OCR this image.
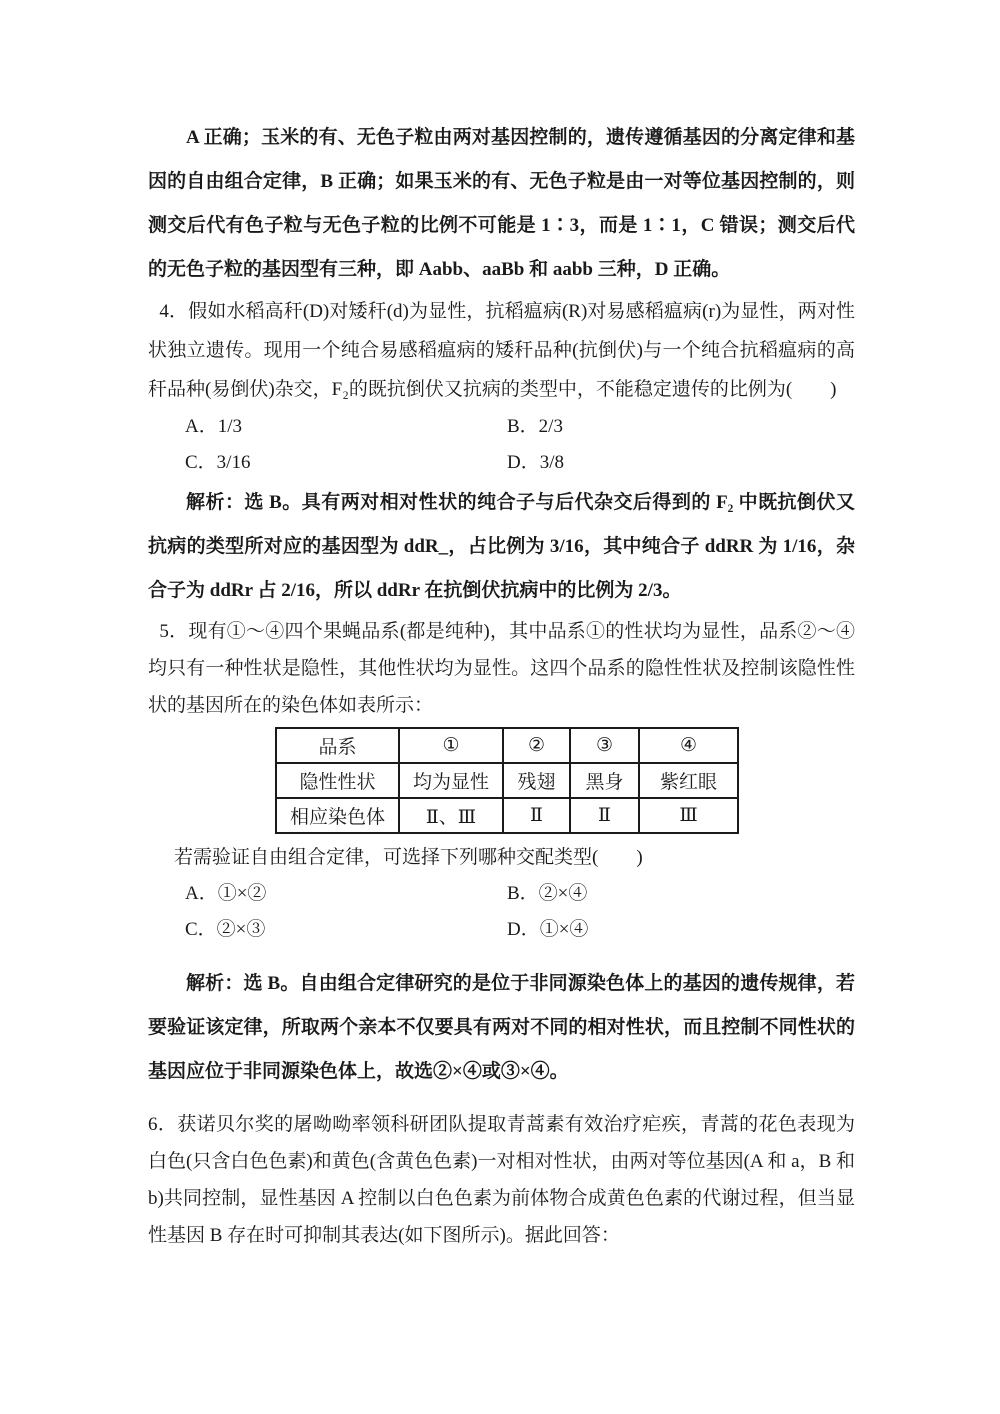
A 正确；玉米的有、无色子粒由两对基因控制的，遗传遵循基因的分离定律和基因的自由组合定律，B 正确；如果玉米的有、无色子粒是由一对等位基因控制的，则测交后代有色子粒与无色子粒的比例不可能是 1∶3，而是 1∶1，C 错误；测交后代的无色子粒的基因型有三种，即 Aabb、aaBb 和 aabb 三种，D 正确。

4．假如水稻高秆(D)对矮秆(d)为显性，抗稻瘟病(R)对易感稻瘟病(r)为显性，两对性状独立遗传。现用一个纯合易感稻瘟病的矮秆品种(抗倒伏)与一个纯合抗稻瘟病的高秆品种(易倒伏)杂交，F₂的既抗倒伏又抗病的类型中，不能稳定遗传的比例为(　　)

A．1/3	B．2/3
C．3/16	D．3/8

解析：选 B。具有两对相对性状的纯合子与后代杂交后得到的 F₂ 中既抗倒伏又抗病的类型所对应的基因型为 ddR_，占比例为 3/16，其中纯合子 ddRR 为 1/16，杂合子为 ddRr 占 2/16，所以 ddRr 在抗倒伏抗病中的比例为 2/3。

5．现有①～④四个果蝇品系(都是纯种)，其中品系①的性状均为显性，品系②～④均只有一种性状是隐性，其他性状均为显性。这四个品系的隐性性状及控制该隐性性状的基因所在的染色体如表所示：

品系	①	②	③	④
隐性性状	均为显性	残翅	黑身	紫红眼
相应染色体	Ⅱ、Ⅲ	Ⅱ	Ⅱ	Ⅲ

若需验证自由组合定律，可选择下列哪种交配类型(　　)

A．①×②	B．②×④
C．②×③	D．①×④

解析：选 B。自由组合定律研究的是位于非同源染色体上的基因的遗传规律，若要验证该定律，所取两个亲本不仅要具有两对不同的相对性状，而且控制不同性状的基因应位于非同源染色体上，故选②×④或③×④。

6．获诺贝尔奖的屠呦呦率领科研团队提取青蒿素有效治疗疟疾，青蒿的花色表现为白色(只含白色色素)和黄色(含黄色色素)一对相对性状，由两对等位基因(A 和 a，B 和 b)共同控制，显性基因 A 控制以白色色素为前体物合成黄色色素的代谢过程，但当显性基因 B 存在时可抑制其表达(如下图所示)。据此回答：
